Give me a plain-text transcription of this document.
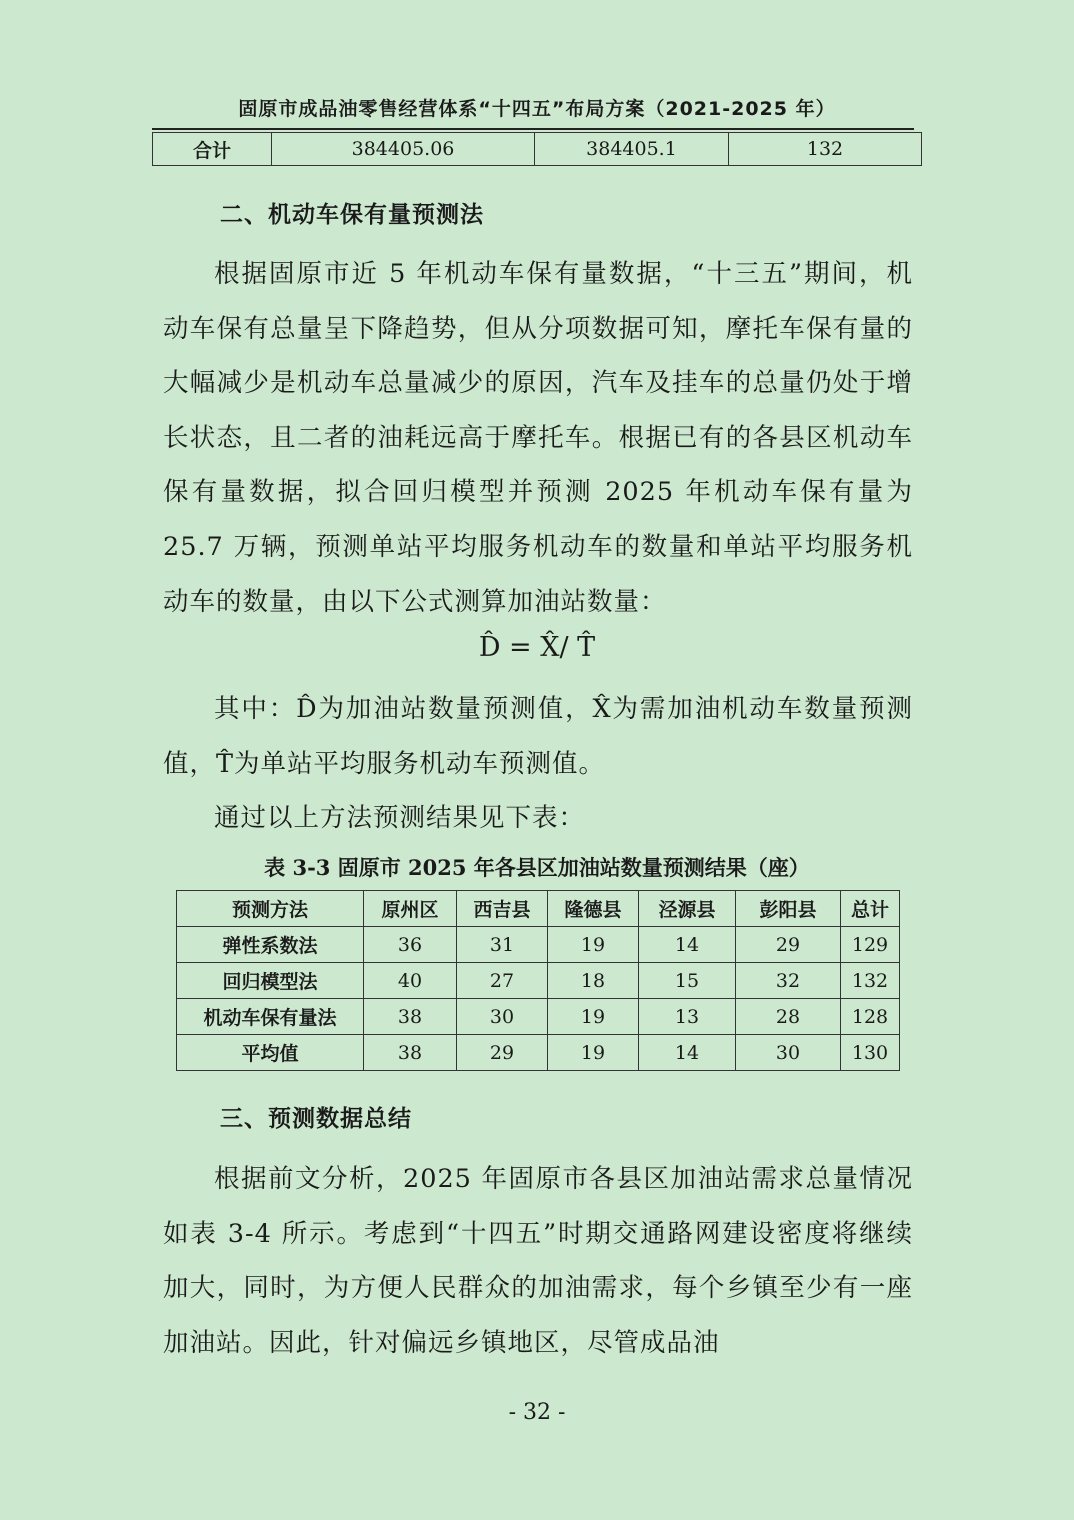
固原市成品油零售经营体系“十四五”布局方案（2021-2025 年）
合计	384405.06	384405.1	132
二、机动车保有量预测法

根据固原市近 5 年机动车保有量数据，“十三五”期间，机动车保有总量呈下降趋势，但从分项数据可知，摩托车保有量的大幅减少是机动车总量减少的原因，汽车及挂车的总量仍处于增长状态，且二者的油耗远高于摩托车。根据已有的各县区机动车保有量数据，拟合回归模型并预测 2025 年机动车保有量为 25.7 万辆，预测单站平均服务机动车的数量和单站平均服务机动车的数量，由以下公式测算加油站数量：

D̂ = X̂/ T̂

其中：D̂为加油站数量预测值，X̂为需加油机动车数量预测值，T̂为单站平均服务机动车预测值。

通过以上方法预测结果见下表：

表 3-3 固原市 2025 年各县区加油站数量预测结果（座）

预测方法	原州区	西吉县	隆德县	泾源县	彭阳县	总计
弹性系数法	36	31	19	14	29	129
回归模型法	40	27	18	15	32	132
机动车保有量法	38	30	19	13	28	128
平均值	38	29	19	14	30	130
三、预测数据总结

根据前文分析，2025 年固原市各县区加油站需求总量情况如表 3-4 所示。考虑到“十四五”时期交通路网建设密度将继续加大，同时，为方便人民群众的加油需求，每个乡镇至少有一座加油站。因此，针对偏远乡镇地区，尽管成品油

- 32 -
